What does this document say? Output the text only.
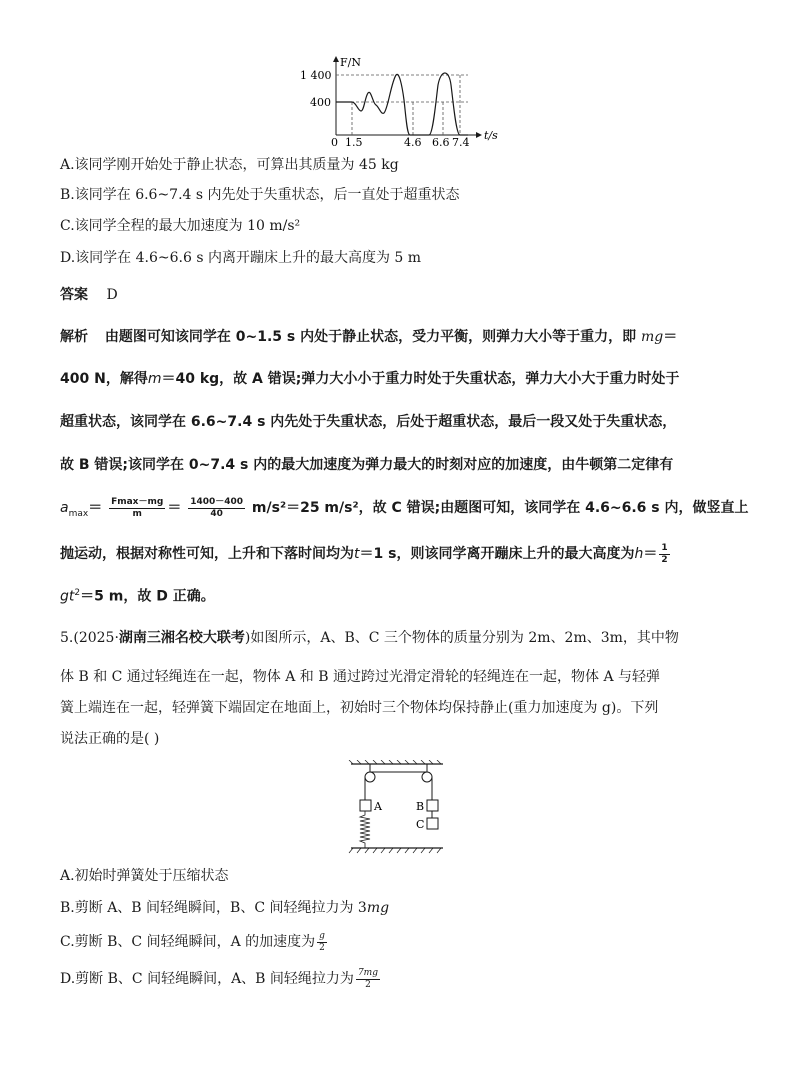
F/N
t/s
1 400
400
0 1.5	4.6 6.6 7.4
A.该同学刚开始处于静止状态，可算出其质量为 45 kg
B.该同学在 6.6~7.4 s 内先处于失重状态，后一直处于超重状态
C.该同学全程的最大加速度为 10 m/s²
D.该同学在 4.6~6.6 s 内离开蹦床上升的最大高度为 5 m
答案 D
解析 由题图可知该同学在 0~1.5 s 内处于静止状态，受力平衡，则弹力大小等于重力，即 mg＝
400 N，解得m＝40 kg，故 A 错误;弹力大小小于重力时处于失重状态，弹力大小大于重力时处于
超重状态，该同学在 6.6~7.4 s 内先处于失重状态，后处于超重状态，最后一段又处于失重状态，
故 B 错误;该同学在 0~7.4 s 内的最大加速度为弹力最大的时刻对应的加速度，由牛顿第二定律有
$a_{max}= \frac{Fmax-mg}{m} = \frac{1400-400}{40} m/s^2=25$ m/s²，故 C 错误;由题图可知，该同学在 4.6~6.6 s 内，做竖直上
抛运动，根据对称性可知，上升和下落时间均为t＝1 s，则该同学离开蹦床上升的最大高度为$h= \frac{1}{2}$
$gt^2=5$ m，故 D 正确。
5.(2025·湖南三湘名校大联考)如图所示，A、B、C 三个物体的质量分别为 2m、2m、3m，其中物
体 B 和 C 通过轻绳连在一起，物体 A 和 B 通过跨过光滑定滑轮的轻绳连在一起，物体 A 与轻弹
簧上端连在一起，轻弹簧下端固定在地面上，初始时三个物体均保持静止(重力加速度为 g)。下列
说法正确的是( )
A	B
C
A.初始时弹簧处于压缩状态
B.剪断 A、B 间轻绳瞬间，B、C 间轻绳拉力为 3mg
C.剪断 B、C 间轻绳瞬间，A 的加速度为 $\frac{g}{2}$
D.剪断 B、C 间轻绳瞬间，A、B 间轻绳拉力为 $\frac{7mg}{2}$
